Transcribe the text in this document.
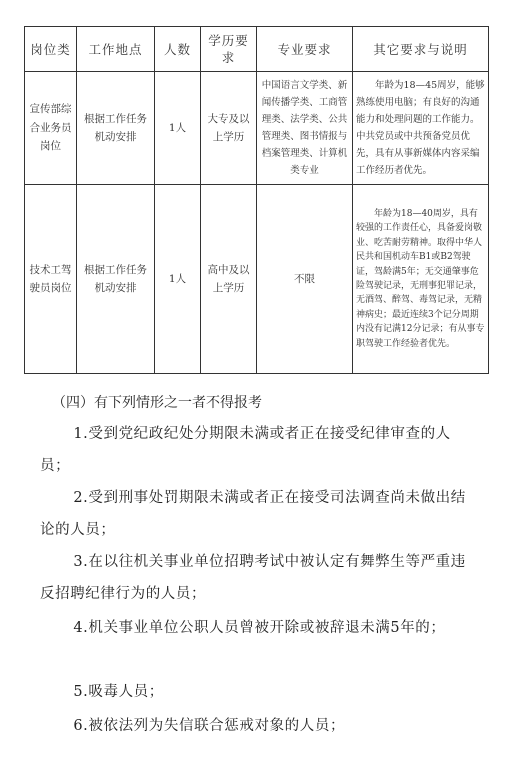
岗位类	工作地点	人数	学历要求	专业要求	其它要求与说明
宣传部综合业务员岗位	根据工作任务机动安排	1人	大专及以上学历	中国语言文学类、新闻传播学类、工商管理类、法学类、公共管理类、图书情报与档案管理类、计算机类专业	年龄为18—45周岁，能够熟练使用电脑；有良好的沟通能力和处理问题的工作能力。中共党员或中共预备党员优先，具有从事新媒体内容采编工作经历者优先。
技术工驾驶员岗位	根据工作任务机动安排	1人	高中及以上学历	不限	年龄为18—40周岁，具有较强的工作责任心，具备爱岗敬业、吃苦耐劳精神。取得中华人民共和国机动车B1或B2驾驶证，驾龄满5年；无交通肇事危险驾驶记录，无刑事犯罪记录，无酒驾、醉驾、毒驾记录，无精神病史；最近连续3个记分周期内没有记满12分记录；有从事专职驾驶工作经验者优先。
（四）有下列情形之一者不得报考
1.受到党纪政纪处分期限未满或者正在接受纪律审查的人员；
2.受到刑事处罚期限未满或者正在接受司法调查尚未做出结论的人员；
3.在以往机关事业单位招聘考试中被认定有舞弊生等严重违反招聘纪律行为的人员；
4.机关事业单位公职人员曾被开除或被辞退未满5年的；
5.吸毒人员；
6.被依法列为失信联合惩戒对象的人员；
